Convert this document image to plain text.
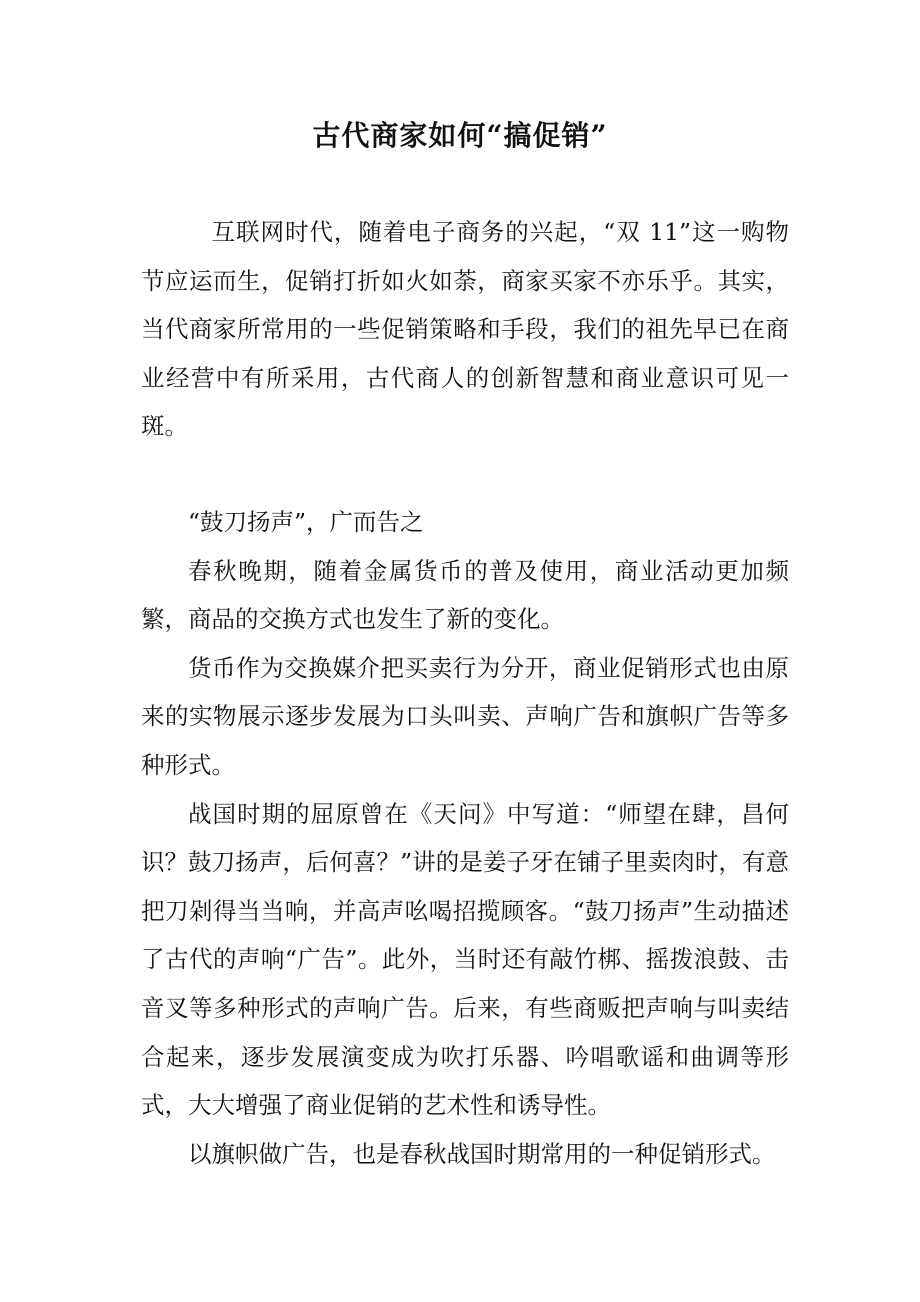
古代商家如何“搞促销”

互联网时代，随着电子商务的兴起，“双 11”这一购物节应运而生，促销打折如火如荼，商家买家不亦乐乎。其实，当代商家所常用的一些促销策略和手段，我们的祖先早已在商业经营中有所采用，古代商人的创新智慧和商业意识可见一斑。

“鼓刀扬声”，广而告之

春秋晚期，随着金属货币的普及使用，商业活动更加频繁，商品的交换方式也发生了新的变化。

货币作为交换媒介把买卖行为分开，商业促销形式也由原来的实物展示逐步发展为口头叫卖、声响广告和旗帜广告等多种形式。

战国时期的屈原曾在《天问》中写道：“师望在肆，昌何识？鼓刀扬声，后何喜？”讲的是姜子牙在铺子里卖肉时，有意把刀剁得当当响，并高声吆喝招揽顾客。“鼓刀扬声”生动描述了古代的声响“广告”。此外，当时还有敲竹梆、摇拨浪鼓、击音叉等多种形式的声响广告。后来，有些商贩把声响与叫卖结合起来，逐步发展演变成为吹打乐器、吟唱歌谣和曲调等形式，大大增强了商业促销的艺术性和诱导性。

以旗帜做广告，也是春秋战国时期常用的一种促销形式。
